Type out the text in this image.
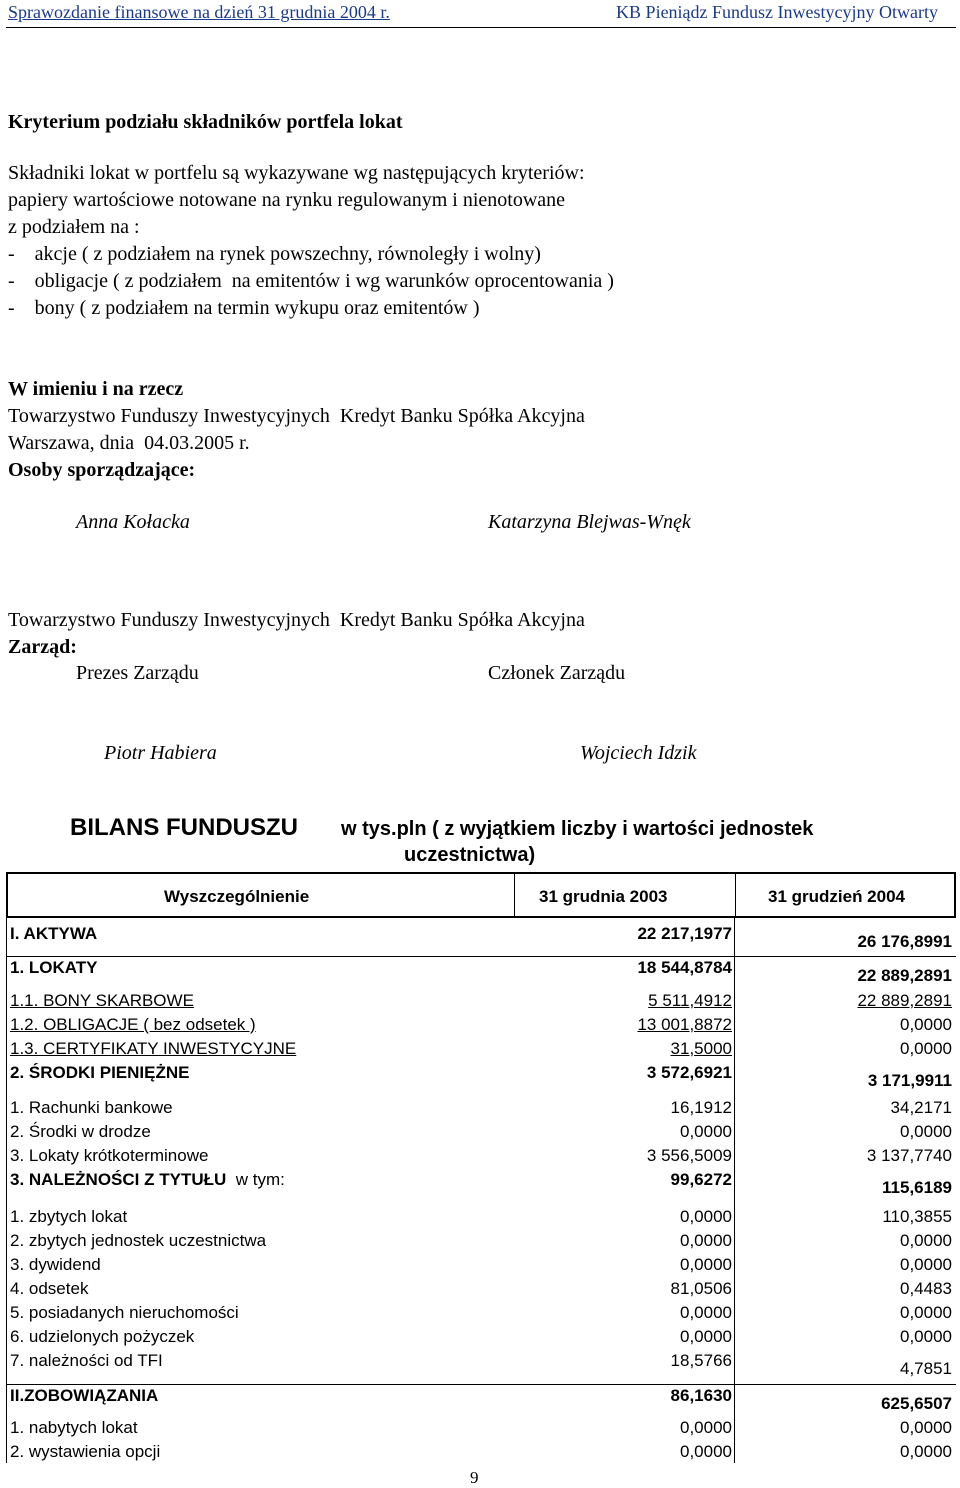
Sprawozdanie finansowe na dzień 31 grudnia 2004 r.	KB Pieniądz Fundusz Inwestycyjny Otwarty
Kryterium podziału składników portfela lokat
Składniki lokat w portfelu są wykazywane wg następujących kryteriów:
papiery wartościowe notowane na rynku regulowanym i nienotowane
z podziałem na :
-    akcje ( z podziałem na rynek powszechny, równoległy i wolny)
-    obligacje ( z podziałem  na emitentów i wg warunków oprocentowania )
-    bony ( z podziałem na termin wykupu oraz emitentów )
W imieniu i na rzecz
Towarzystwo Funduszy Inwestycyjnych  Kredyt Banku Spółka Akcyjna
Warszawa, dnia  04.03.2005 r.
Osoby sporządzające:
Anna Kołacka	Katarzyna Blejwas-Wnęk
Towarzystwo Funduszy Inwestycyjnych  Kredyt Banku Spółka Akcyjna
Zarząd:
Prezes Zarządu	Członek Zarządu
Piotr Habiera	Wojciech Idzik
BILANS FUNDUSZU w tys.pln ( z wyjątkiem liczby i wartości jednostek
uczestnictwa)
Wyszczególnienie	31 grudnia 2003	31 grudzień 2004
I. AKTYWA	22 217,1977	26 176,8991
1. LOKATY	18 544,8784	22 889,2891
1.1. BONY SKARBOWE	5 511,4912	22 889,2891
1.2. OBLIGACJE ( bez odsetek )	13 001,8872	0,0000
1.3. CERTYFIKATY INWESTYCYJNE	31,5000	0,0000
2. ŚRODKI PIENIĘŻNE	3 572,6921	3 171,9911
1. Rachunki bankowe	16,1912	34,2171
2. Środki w drodze	0,0000	0,0000
3. Lokaty krótkoterminowe	3 556,5009	3 137,7740
3. NALEŻNOŚCI Z TYTUŁU  w tym:	99,6272	115,6189
1. zbytych lokat	0,0000	110,3855
2. zbytych jednostek uczestnictwa	0,0000	0,0000
3. dywidend	0,0000	0,0000
4. odsetek	81,0506	0,4483
5. posiadanych nieruchomości	0,0000	0,0000
6. udzielonych pożyczek	0,0000	0,0000
7. należności od TFI	18,5766	4,7851
II.ZOBOWIĄZANIA	86,1630	625,6507
1. nabytych lokat	0,0000	0,0000
2. wystawienia opcji	0,0000	0,0000
9
